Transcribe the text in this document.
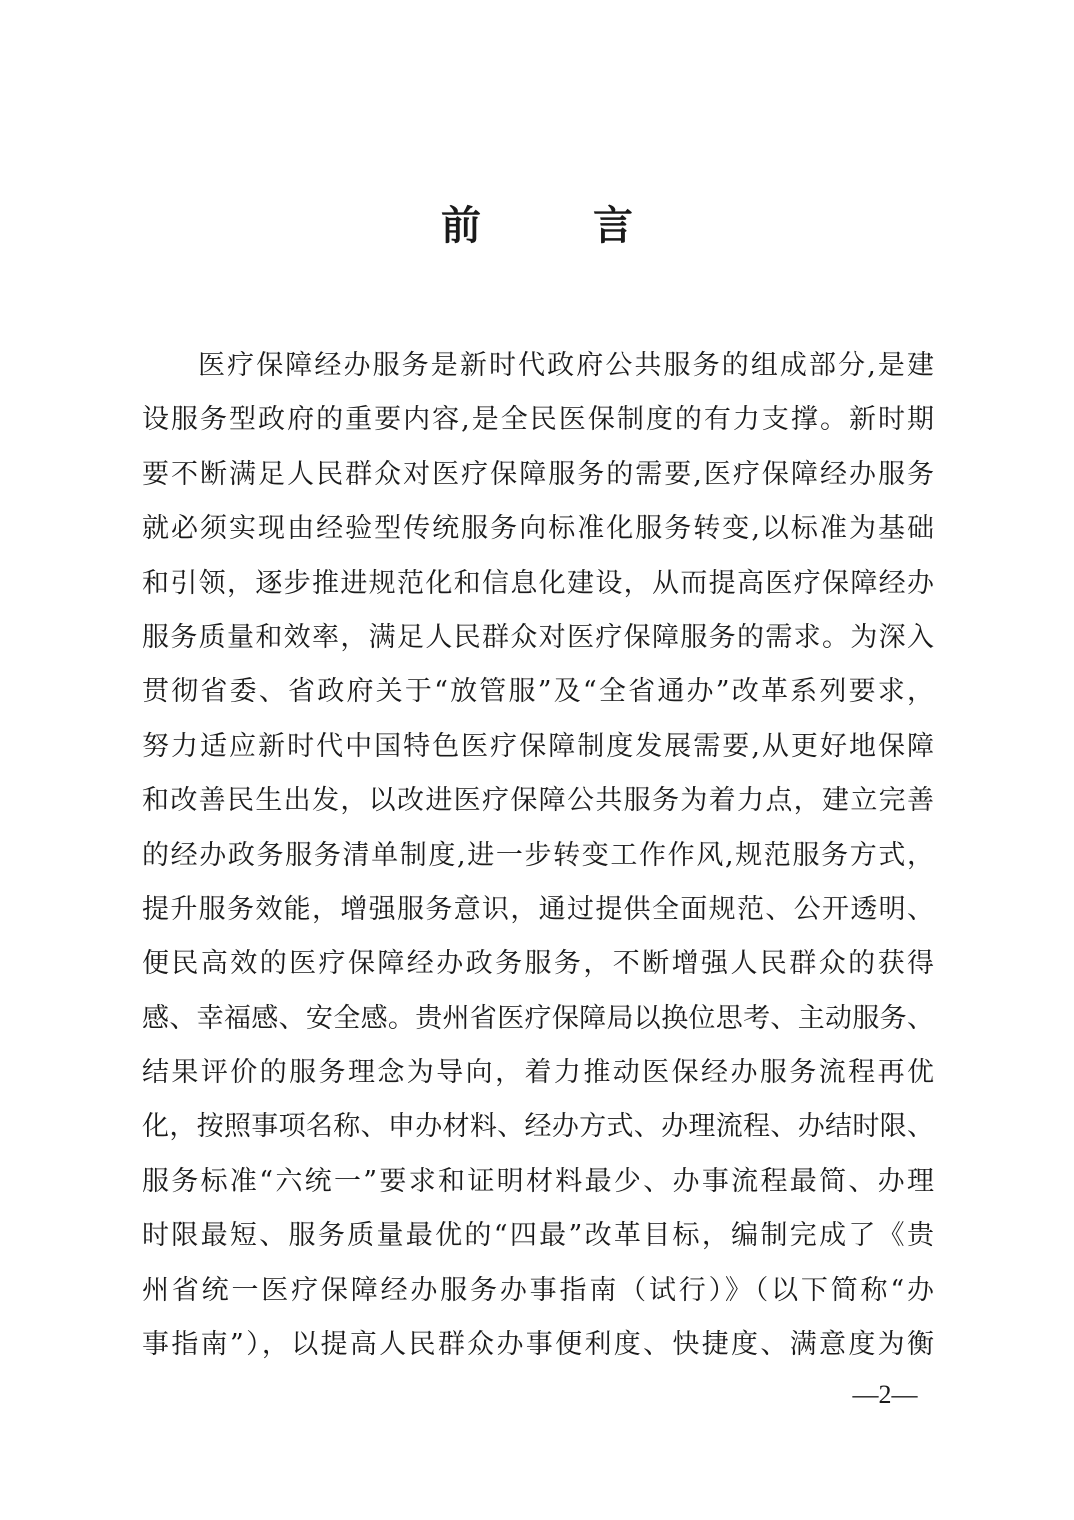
前　言
医疗保障经办服务是新时代政府公共服务的组成部分,是建
设服务型政府的重要内容,是全民医保制度的有力支撑。新时期
要不断满足人民群众对医疗保障服务的需要,医疗保障经办服务
就必须实现由经验型传统服务向标准化服务转变,以标准为基础
和引领，逐步推进规范化和信息化建设，从而提高医疗保障经办
服务质量和效率，满足人民群众对医疗保障服务的需求。为深入
贯彻省委、省政府关于“放管服”及“全省通办”改革系列要求，
努力适应新时代中国特色医疗保障制度发展需要,从更好地保障
和改善民生出发，以改进医疗保障公共服务为着力点，建立完善
的经办政务服务清单制度,进一步转变工作作风,规范服务方式，
提升服务效能，增强服务意识，通过提供全面规范、公开透明、
便民高效的医疗保障经办政务服务，不断增强人民群众的获得
感、幸福感、安全感。贵州省医疗保障局以换位思考、主动服务、
结果评价的服务理念为导向，着力推动医保经办服务流程再优
化，按照事项名称、申办材料、经办方式、办理流程、办结时限、
服务标准“六统一”要求和证明材料最少、办事流程最简、办理
时限最短、服务质量最优的“四最”改革目标，编制完成了《贵
州省统一医疗保障经办服务办事指南（试行）》（以下简称“办
事指南”），以提高人民群众办事便利度、快捷度、满意度为衡
—2—
